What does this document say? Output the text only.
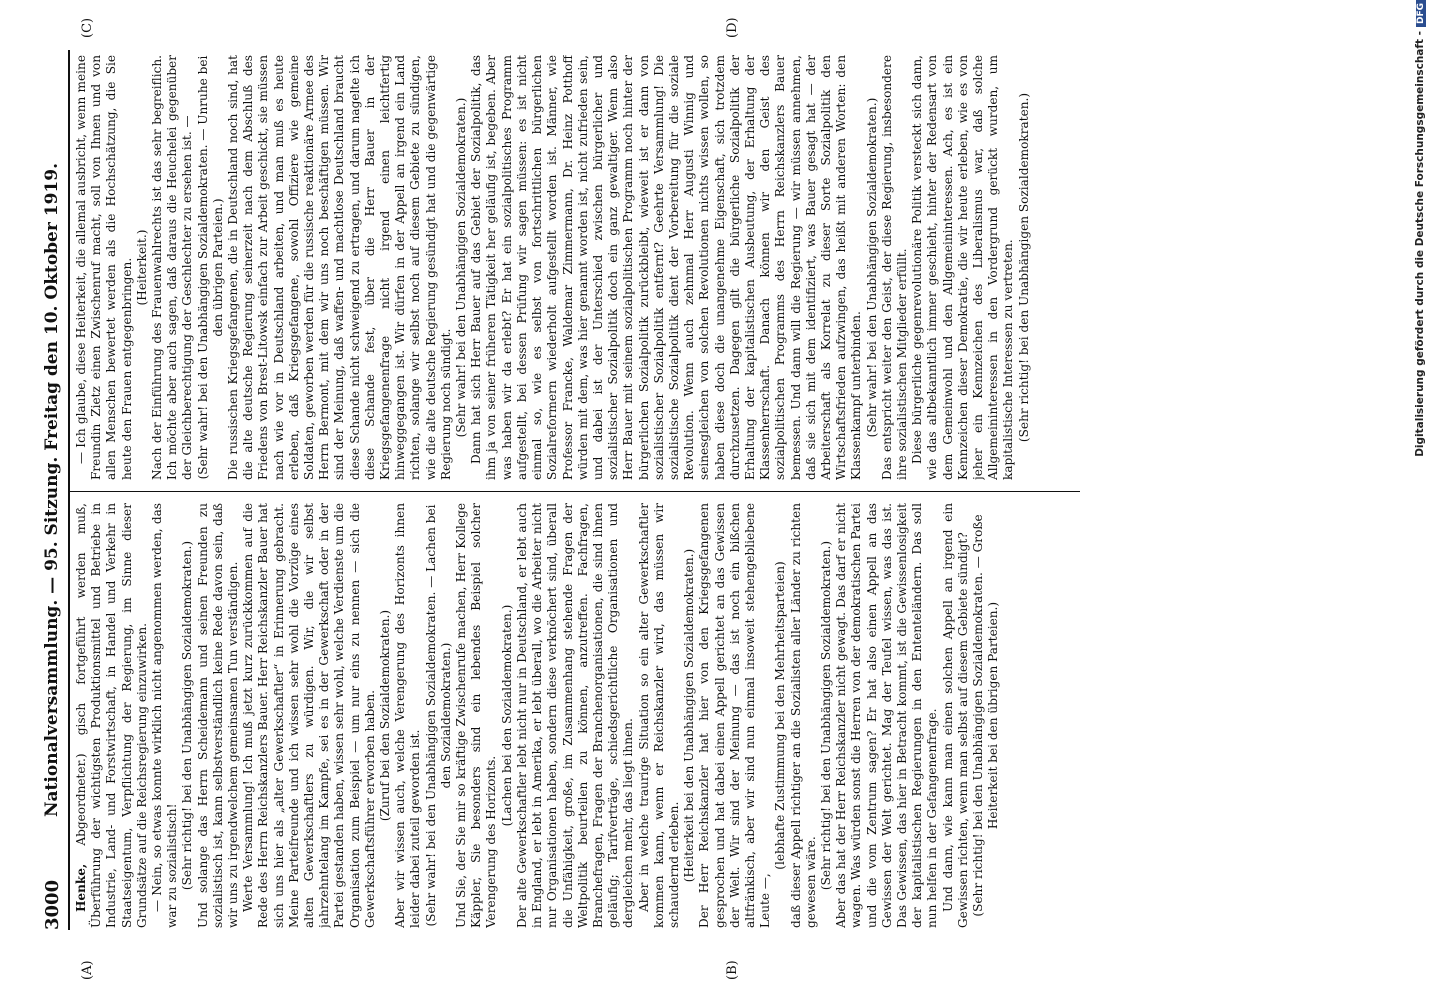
3000
Nationalversammlung. — 95. Sitzung. Freitag den 10. Oktober 1919.
(A)	(B)
(C)	(D)

Henke, Abgeordneter.) gisch fortgeführt werden muß, Überführung der wichtigsten Produktionsmittel und Betriebe in Industrie, Land- und Forstwirtschaft, in Handel und Verkehr in Staatseigentum, Verpflichtung der Regierung, im Sinne dieser Grundsätze auf die Reichsregierung einzuwirken. — Nein, so etwas konnte wirklich nicht angenommen werden, das war zu sozialistisch! (Sehr richtig! bei den Unabhängigen Sozialdemokraten.) Und solange das Herrn Scheidemann und seinen Freunden zu sozialistisch ist, kann selbstverständlich keine Rede davon sein, daß wir uns zu irgendwelchem gemeinsamen Tun verständigen. Werte Versammlung! Ich muß jetzt kurz zurückkommen auf die Rede des Herrn Reichskanzlers Bauer. Herr Reichskanzler Bauer hat sich uns hier als „alter Gewerkschaftler“ in Erinnerung gebracht. Meine Parteifreunde und ich wissen sehr wohl die Vorzüge eines alten Gewerkschaftlers zu würdigen. Wir, die wir selbst jahrzehntelang im Kampfe, sei es in der Gewerkschaft oder in der Partei gestanden haben, wissen sehr wohl, welche Verdienste um die Organisation zum Beispiel — um nur eins zu nennen — sich die Gewerkschaftsführer erworben haben. (Zuruf bei den Sozialdemokraten.) Aber wir wissen auch, welche Verengerung des Horizonts ihnen leider dabei zuteil geworden ist. (Sehr wahr! bei den Unabhängigen Sozialdemokraten. — Lachen bei den Sozialdemokraten.) Und Sie, der Sie mir so kräftige Zwischenrufe machen, Herr Kollege Käppler, Sie besonders sind ein lebendes Beispiel solcher Verengerung des Horizonts.

(Lachen bei den Sozialdemokraten.) Der alte Gewerkschaftler lebt nicht nur in Deutschland, er lebt auch in England, er lebt in Amerika, er lebt überall, wo die Arbeiter nicht nur Organisationen haben, sondern diese verknöchert sind, überall die Unfähigkeit, große, im Zusammenhang stehende Fragen der Weltpolitik beurteilen zu können, anzutreffen. Fachfragen, Branchefragen, Fragen der Branchenorganisationen, die sind ihnen geläufig; Tarifverträge, schiedsgerichtliche Organisationen und dergleichen mehr, das liegt ihnen. Aber in welche traurige Situation so ein alter Gewerkschaftler kommen kann, wenn er Reichskanzler wird, das müssen wir schaudernd erleben. (Heiterkeit bei den Unabhängigen Sozialdemokraten.) Der Herr Reichskanzler hat hier von den Kriegsgefangenen gesprochen und hat dabei einen Appell gerichtet an das Gewissen der Welt. Wir sind der Meinung — das ist noch ein bißchen altfränkisch, aber wir sind nun einmal insoweit stehengebliebene Leute —,

(lebhafte Zustimmung bei den Mehrheitsparteien) daß dieser Appell richtiger an die Sozialisten aller Länder zu richten gewesen wäre. (Sehr richtig! bei den Unabhängigen Sozialdemokraten.) Aber das hat der Herr Reichskanzler nicht gewagt. Das darf er nicht wagen. Was würden sonst die Herren von der demokratischen Partei und die vom Zentrum sagen? Er hat also einen Appell an das Gewissen der Welt gerichtet. Mag der Teufel wissen, was das ist. Das Gewissen, das hier in Betracht kommt, ist die Gewissenlosigkeit der kapitalistischen Regierungen in den Ententeländern. Das soll nun helfen in der Gefangenenfrage. Und dann, wie kann man einen solchen Appell an irgend ein Gewissen richten, wenn man selbst auf diesem Gebiete sündigt? (Sehr richtig! bei den Unabhängigen Sozialdemokraten. — Große Heiterkeit bei den übrigen Parteien.)

— Ich glaube, diese Heiterkeit, die allemal ausbricht, wenn meine Freundin Zietz einen Zwischenruf macht, soll von Ihnen und von allen Menschen bewertet werden als die Hochschätzung, die Sie heute den Frauen entgegenbringen. (Heiterkeit.) Nach der Einführung des Frauenwahlrechts ist das sehr begreiflich. Ich möchte aber auch sagen, daß daraus die Heuchelei gegenüber der Gleichberechtigung der Geschlechter zu ersehen ist. — (Sehr wahr! bei den Unabhängigen Sozialdemokraten. — Unruhe bei den übrigen Parteien.) Die russischen Kriegsgefangenen, die in Deutschland noch sind, hat die alte deutsche Regierung seinerzeit nach dem Abschluß des Friedens von Brest-Litowsk einfach zur Arbeit geschickt, sie müssen nach wie vor in Deutschland arbeiten, und man muß es heute erleben, daß Kriegsgefangene, sowohl Offiziere wie gemeine Soldaten, geworben werden für die russische reaktionäre Armee des Herrn Bermont, mit dem wir uns noch beschäftigen müssen. Wir sind der Meinung, daß waffen- und machtlose Deutschland braucht diese Schande nicht schweigend zu ertragen, und darum nagelte ich diese Schande fest, über die Herr Bauer in der Kriegsgefangenenfrage nicht irgend einen leichtfertig hinweggegangen ist. Wir dürfen in der Appell an irgend ein Land richten, solange wir selbst noch auf diesem Gebiete zu sündigen, wie die alte deutsche Regierung gesündigt hat und die gegenwärtige Regierung noch sündigt. (Sehr wahr! bei den Unabhängigen Sozialdemokraten.) Dann hat sich Herr Bauer auf das Gebiet der Sozialpolitik, das ihm ja von seiner früheren Tätigkeit her geläufig ist, begeben. Aber was haben wir da erlebt? Er hat ein sozialpolitisches Programm aufgestellt, bei dessen Prüfung wir sagen müssen: es ist nicht einmal so, wie es selbst von fortschrittlichen bürgerlichen Sozialreformern wiederholt aufgestellt worden ist. Männer, wie Professor Francke, Waldemar Zimmermann, Dr. Heinz Potthoff würden mit dem, was hier genannt worden ist, nicht zufrieden sein, und dabei ist der Unterschied zwischen bürgerlicher und sozialistischer Sozialpolitik doch ein ganz gewaltiger. Wenn also Herr Bauer mit seinem sozialpolitischen Programm noch hinter der bürgerlichen Sozialpolitik zurückbleibt, wieweit ist er dann von sozialistischer Sozialpolitik entfernt? Geehrte Versammlung! Die sozialistische Sozialpolitik dient der Vorbereitung für die soziale Revolution. Wenn auch zehnmal Herr Augusti Winnig und seinesgleichen von solchen Revolutionen nichts wissen wollen, so haben diese doch die unangenehme Eigenschaft, sich trotzdem durchzusetzen. Dagegen gilt die bürgerliche Sozialpolitik der Erhaltung der kapitalistischen Ausbeutung, der Erhaltung der Klassenherrschaft. Danach können wir den Geist des sozialpolitischen Programms des Herrn Reichskanzlers Bauer bemessen. Und dann will die Regierung — wir müssen annehmen, daß sie sich mit dem identifiziert, was Bauer gesagt hat — der Arbeiterschaft als Korrelat zu dieser Sorte Sozialpolitik den Wirtschaftsfrieden aufzwingen, das heißt mit anderen Worten: den Klassenkampf unterbinden. (Sehr wahr! bei den Unabhängigen Sozialdemokraten.) Das entspricht weiter den Geist, der diese Regierung, insbesondere ihre sozialistischen Mitglieder erfüllt. Diese bürgerliche gegenrevolutionäre Politik versteckt sich dann, wie das altbekanntlich immer geschieht, hinter der Redensart von dem Gemeinwohl und den Allgemeininteressen. Ach, es ist ein Kennzeichen dieser Demokratie, die wir heute erleben, wie es von jeher ein Kennzeichen des Liberalismus war, daß solche Allgemeininteressen in den Vordergrund gerückt wurden, um kapitalistische Interessen zu vertreten. (Sehr richtig! bei den Unabhängigen Sozialdemokraten.)	Digitalisierung gefördert durch die Deutsche Forschungsgemeinschaft -DFG
